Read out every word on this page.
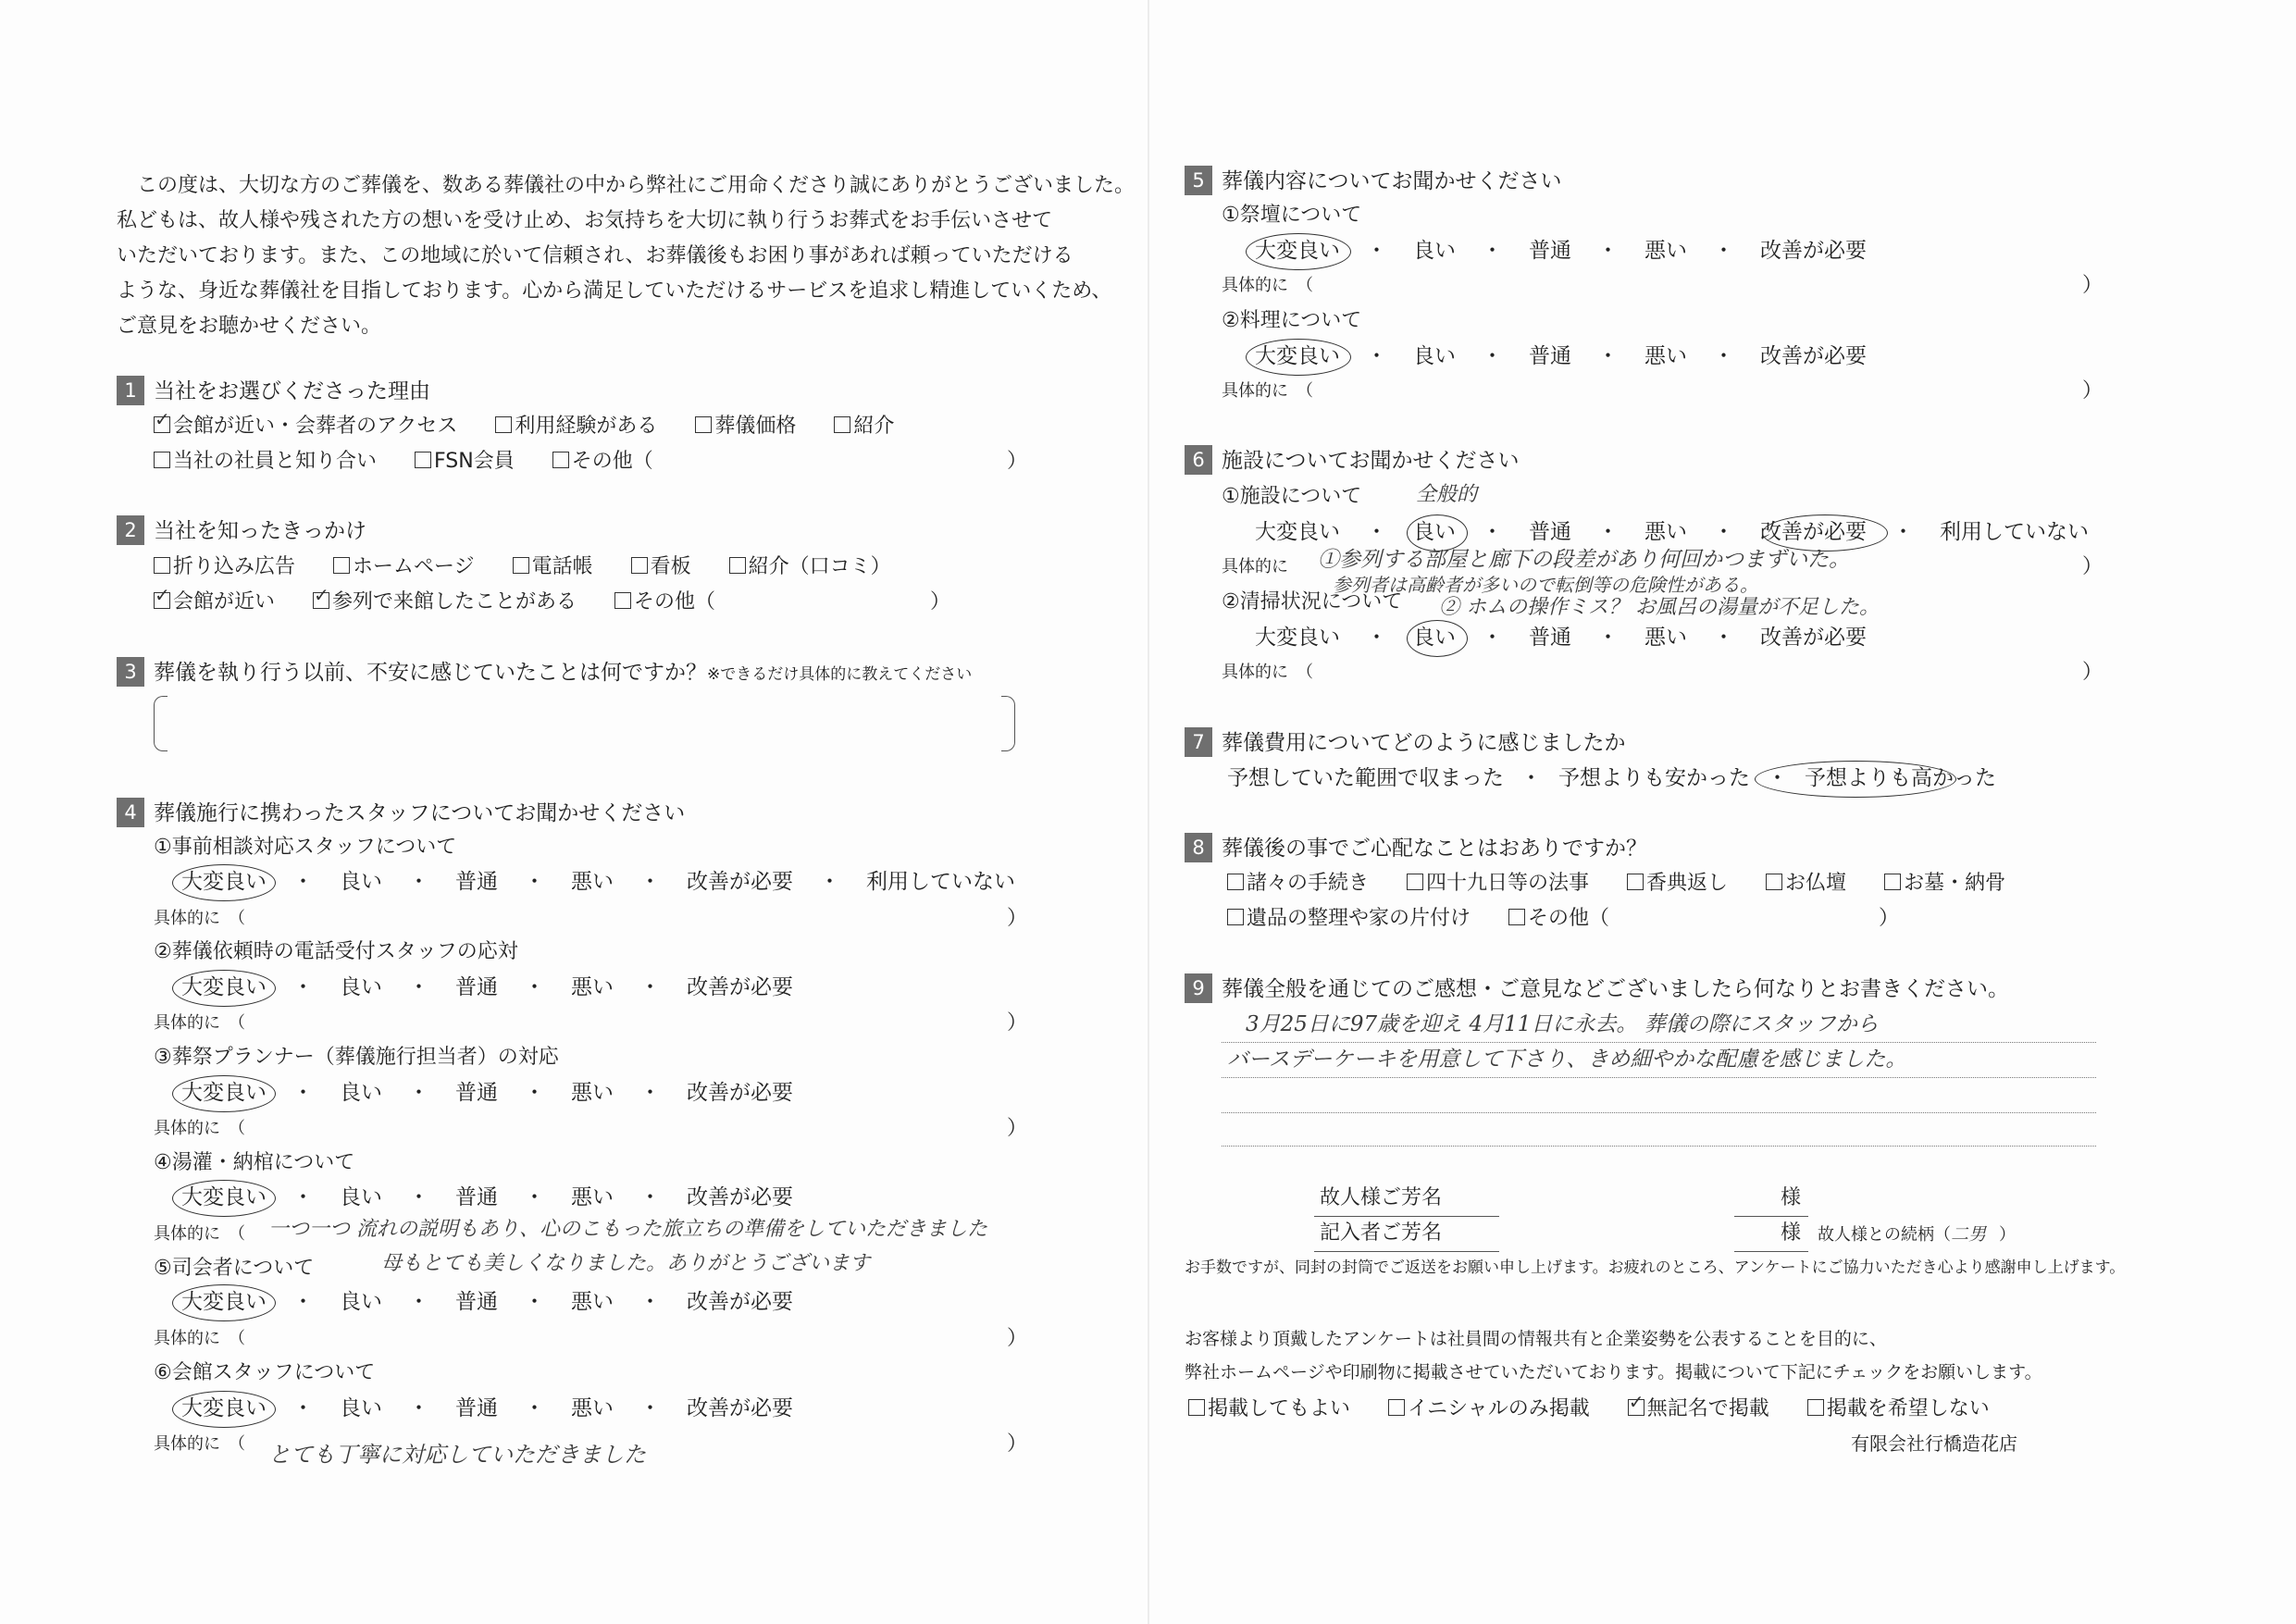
この度は、大切な方のご葬儀を、数ある葬儀社の中から弊社にご用命くださり誠にありがとうございました。
私どもは、故人様や残された方の想いを受け止め、お気持ちを大切に執り行うお葬式をお手伝いさせて
いただいております。また、この地域に於いて信頼され、お葬儀後もお困り事があれば頼っていただける
ような、身近な葬儀社を目指しております。心から満足していただけるサービスを追求し精進していくため、
ご意見をお聴かせください。
1 当社をお選びくださった理由
✓会館が近い・会葬者のアクセス	利用経験がある	葬儀価格	紹介
当社の社員と知り合い	FSN会員	その他（	）
2 当社を知ったきっかけ
折り込み広告	ホームページ	電話帳	看板	紹介（口コミ）
✓会館が近い ✓	参列で来館したことがある	その他（	）
3 葬儀を執り行う以前、不安に感じていたことは何ですか？※できるだけ具体的に教えてください
4 葬儀施行に携わったスタッフについてお聞かせください
①事前相談対応スタッフについて
大変良い ・ 良い ・ 普通 ・ 悪い ・ 改善が必要 ・ 利用していない
具体的に　（	）
②葬儀依頼時の電話受付スタッフの応対
大変良い ・ 良い ・ 普通 ・ 悪い ・ 改善が必要
具体的に　（	）
③葬祭プランナー（葬儀施行担当者）の対応
大変良い ・ 良い ・ 普通 ・ 悪い ・ 改善が必要
具体的に　（	）
④湯灌・納棺について
大変良い ・ 良い ・ 普通 ・ 悪い ・ 改善が必要
具体的に　（ 一つ一つ 流れの説明もあり、心のこもった旅立ちの準備をしていただきました
母もとても美しくなりました。ありがとうございます
⑤司会者について
大変良い ・ 良い ・ 普通 ・ 悪い ・ 改善が必要
具体的に　（	）
⑥会館スタッフについて
大変良い ・ 良い ・ 普通 ・ 悪い ・ 改善が必要
具体的に　（ とても丁寧に対応していただきました	）
5 葬儀内容についてお聞かせください
①祭壇について
大変良い ・ 良い ・ 普通 ・ 悪い ・ 改善が必要
具体的に　（	）
②料理について
大変良い ・ 良い ・ 普通 ・ 悪い ・ 改善が必要
具体的に　（	）
6 施設についてお聞かせください
①施設について	全般的
大変良い ・ 良い ・ 普通 ・ 悪い ・ 改善が必要 ・ 利用していない
具体的に ①参列する部屋と廊下の段差があり何回かつまずいた。	）
参列者は高齢者が多いので転倒等の危険性がある。
②清掃状況について ② ホムの操作ミス？ お風呂の湯量が不足した。
大変良い ・ 良い ・ 普通 ・ 悪い ・ 改善が必要
具体的に　（	）
7 葬儀費用についてどのように感じましたか
予想していた範囲で収まった ・ 予想よりも安かった ・ 予想よりも高かった
8 葬儀後の事でご心配なことはおありですか？
諸々の手続き	四十九日等の法事	香典返し	お仏壇	お墓・納骨
遺品の整理や家の片付け	その他（	）
9 葬儀全般を通じてのご感想・ご意見などございましたら何なりとお書きください。
3月25日に97歳を迎え 4月11日に永去。 葬儀の際にスタッフから
バースデーケーキを用意して下さり、きめ細やかな配慮を感じました。
故人様ご芳名	様
記入者ご芳名	様 故人様との続柄（二男 ）
お手数ですが、同封の封筒でご返送をお願い申し上げます。お疲れのところ、アンケートにご協力いただき心より感謝申し上げます。
お客様より頂戴したアンケートは社員間の情報共有と企業姿勢を公表することを目的に、
弊社ホームページや印刷物に掲載させていただいております。掲載について下記にチェックをお願いします。
掲載してもよい	イニシャルのみ掲載 ✓	無記名で掲載	掲載を希望しない
有限会社行橋造花店
